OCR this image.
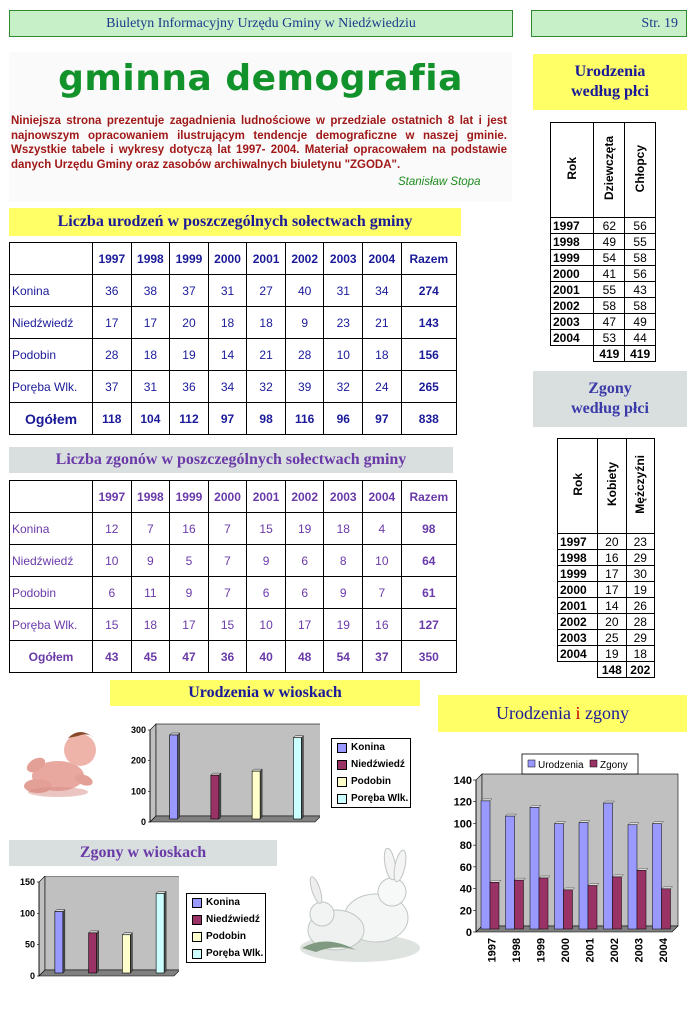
Biuletyn Informacyjny Urzędu Gminy w Niedźwiedziu	Str. 19
gminna demografia
Niniejsza strona prezentuje zagadnienia ludnościowe w przedziale ostatnich 8 lat i jest najnowszym opracowaniem ilustrującym tendencje demograficzne w naszej gminie. Wszystkie tabele i wykresy dotyczą lat 1997- 2004. Materiał opracowałem na podstawie danych Urzędu Gminy oraz zasobów archiwalnych biuletynu "ZGODA".
Stanisław Stopa
Liczba urodzeń w poszczególnych sołectwach gminy
	1997	1998	1999	2000	2001	2002	2003	2004	Razem
Konina	36	38	37	31	27	40	31	34	274
Niedźwiedź	17	17	20	18	18	9	23	21	143
Podobin	28	18	19	14	21	28	10	18	156
Poręba Wlk.	37	31	36	34	32	39	32	24	265
Ogółem	118	104	112	97	98	116	96	97	838
Liczba zgonów w poszczególnych sołectwach gminy
	1997	1998	1999	2000	2001	2002	2003	2004	Razem
Konina	12	7	16	7	15	19	18	4	98
Niedźwiedź	10	9	5	7	9	6	8	10	64
Podobin	6	11	9	7	6	6	9	7	61
Poręba Wlk.	15	18	17	15	10	17	19	16	127
Ogółem	43	45	47	36	40	48	54	37	350
Urodzenia
według płci
Rok	Dziewczęta	Chłopcy
1997	62	56
1998	49	55
1999	54	58
2000	41	56
2001	55	43
2002	58	58
2003	47	49
2004	53	44
	419	419
Zgony
według płci
Rok	Kobiety	Mężczyźni
1997	20	23
1998	16	29
1999	17	30
2000	17	19
2001	14	26
2002	20	28
2003	25	29
2004	19	18
	148	202
Urodzenia w wioskach
0
100
200
300
Konina
Niedźwiedź
Podobin
Poręba Wlk.
Zgony w wioskach
0
50
100
150
Konina
Niedźwiedź
Podobin
Poręba Wlk.
Urodzenia i zgony
0
20
40
60
80
100
120
140
1997 1998 1999 2000 2001 2002 2003 2004
Urodzenia Zgony
